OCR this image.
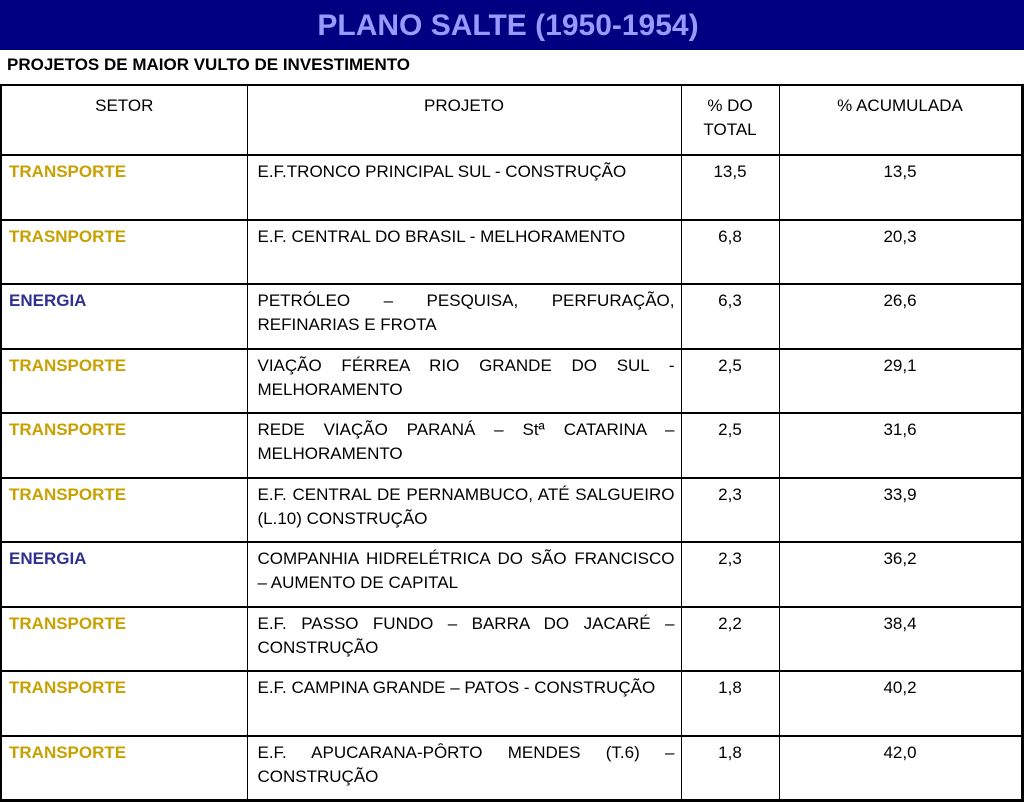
PLANO SALTE (1950-1954)
PROJETOS DE MAIOR VULTO DE INVESTIMENTO
SETOR	PROJETO	% DO TOTAL	% ACUMULADA
TRANSPORTE	E.F.TRONCO PRINCIPAL SUL - CONSTRUÇÃO	13,5	13,5
TRASNPORTE	E.F. CENTRAL DO BRASIL - MELHORAMENTO	6,8	20,3
ENERGIA	PETRÓLEO – PESQUISA, PERFURAÇÃO, REFINARIAS E FROTA	6,3	26,6
TRANSPORTE	VIAÇÃO FÉRREA RIO GRANDE DO SUL - MELHORAMENTO	2,5	29,1
TRANSPORTE	REDE VIAÇÃO PARANÁ – Stª CATARINA – MELHORAMENTO	2,5	31,6
TRANSPORTE	E.F. CENTRAL DE PERNAMBUCO, ATÉ SALGUEIRO (L.10) CONSTRUÇÃO	2,3	33,9
ENERGIA	COMPANHIA HIDRELÉTRICA DO SÃO FRANCISCO – AUMENTO DE CAPITAL	2,3	36,2
TRANSPORTE	E.F. PASSO FUNDO – BARRA DO JACARÉ – CONSTRUÇÃO	2,2	38,4
TRANSPORTE	E.F. CAMPINA GRANDE – PATOS - CONSTRUÇÃO	1,8	40,2
TRANSPORTE	E.F. APUCARANA-PÔRTO MENDES (T.6) – CONSTRUÇÃO	1,8	42,0
